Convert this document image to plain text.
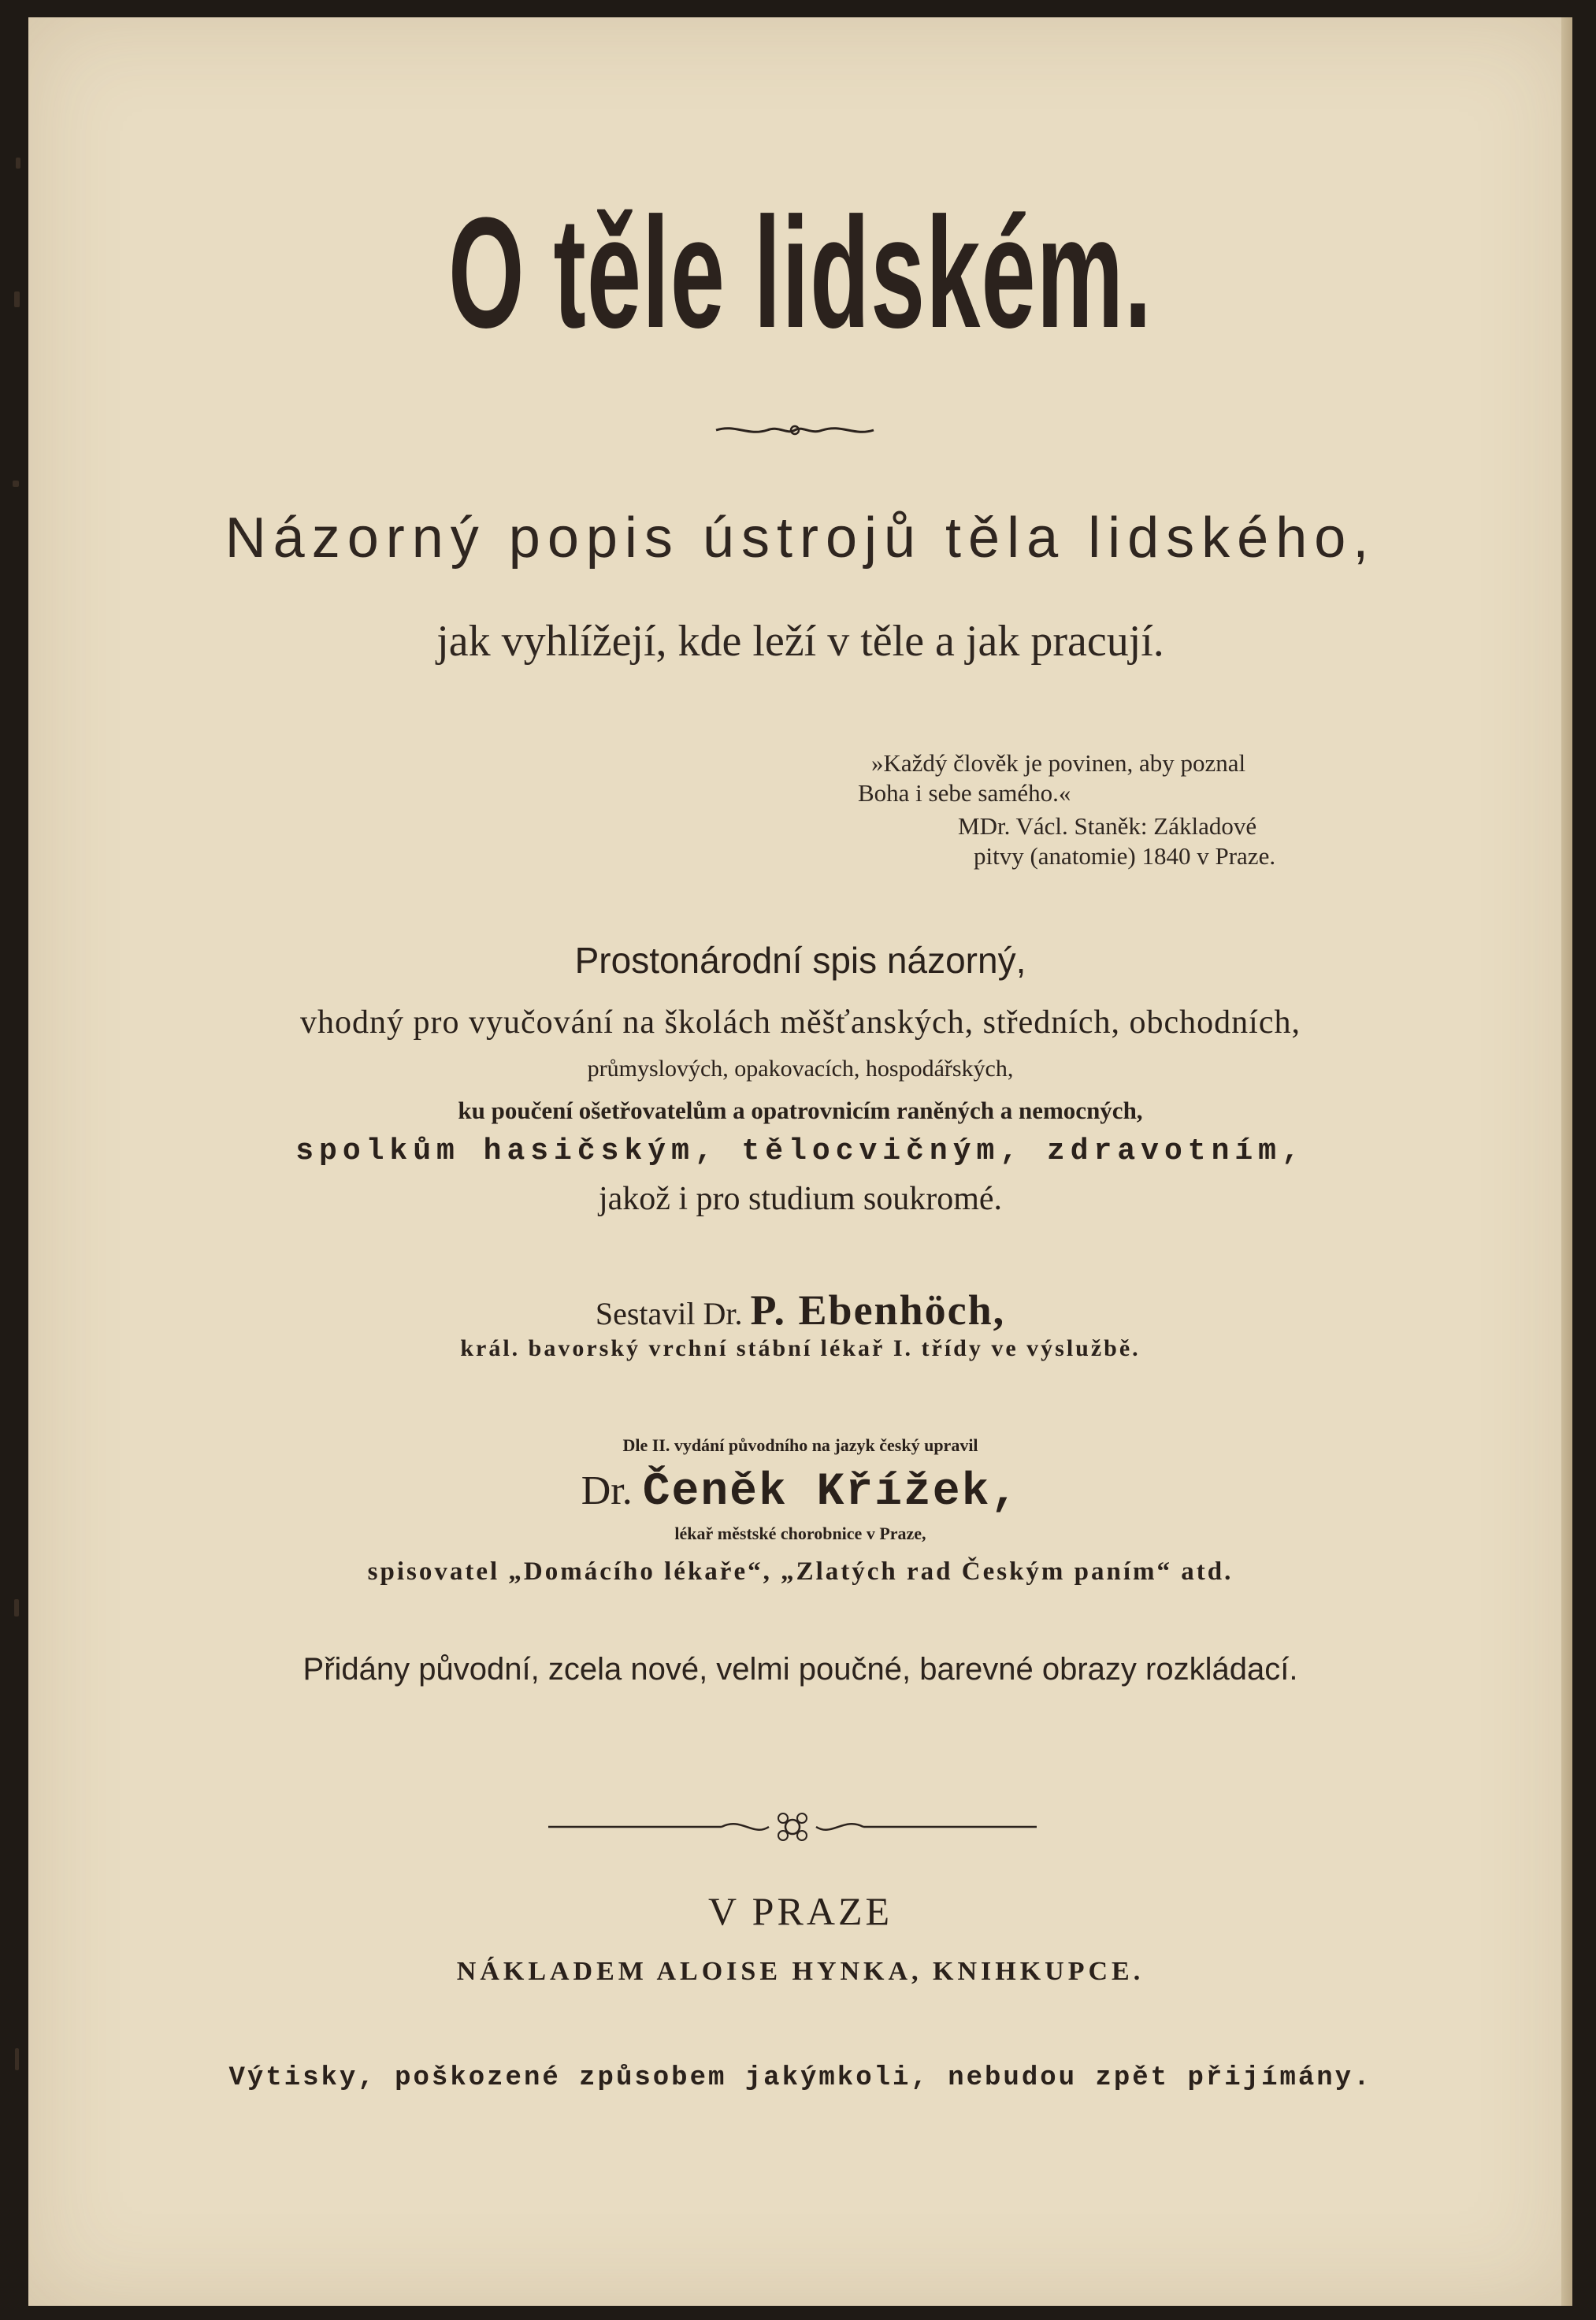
O těle lidském.
Názorný popis ústrojů těla lidského,
jak vyhlížejí, kde leží v těle a jak pracují.
»Každý člověk je povinen, aby poznal
Boha i sebe samého.«
MDr. Václ. Staněk: Základové
pitvy (anatomie) 1840 v Praze.
Prostonárodní spis názorný,
vhodný pro vyučování na školách měšťanských, středních, obchodních,
průmyslových, opakovacích, hospodářských,
ku poučení ošetřovatelům a opatrovnicím raněných a nemocných,
spolkům hasičským, tělocvičným, zdravotním,
jakož i pro studium soukromé.
Sestavil Dr. P. Ebenhöch,
král. bavorský vrchní stábní lékař I. třídy ve výslužbě.
Dle II. vydání původního na jazyk český upravil
Dr. Čeněk Křížek,
lékař městské chorobnice v Praze,
spisovatel „Domácího lékaře“, „Zlatých rad Českým paním“ atd.
Přidány původní, zcela nové, velmi poučné, barevné obrazy rozkládací.
V PRAZE
NÁKLADEM ALOISE HYNKA, KNIHKUPCE.
Výtisky, poškozené způsobem jakýmkoli, nebudou zpět přijímány.
